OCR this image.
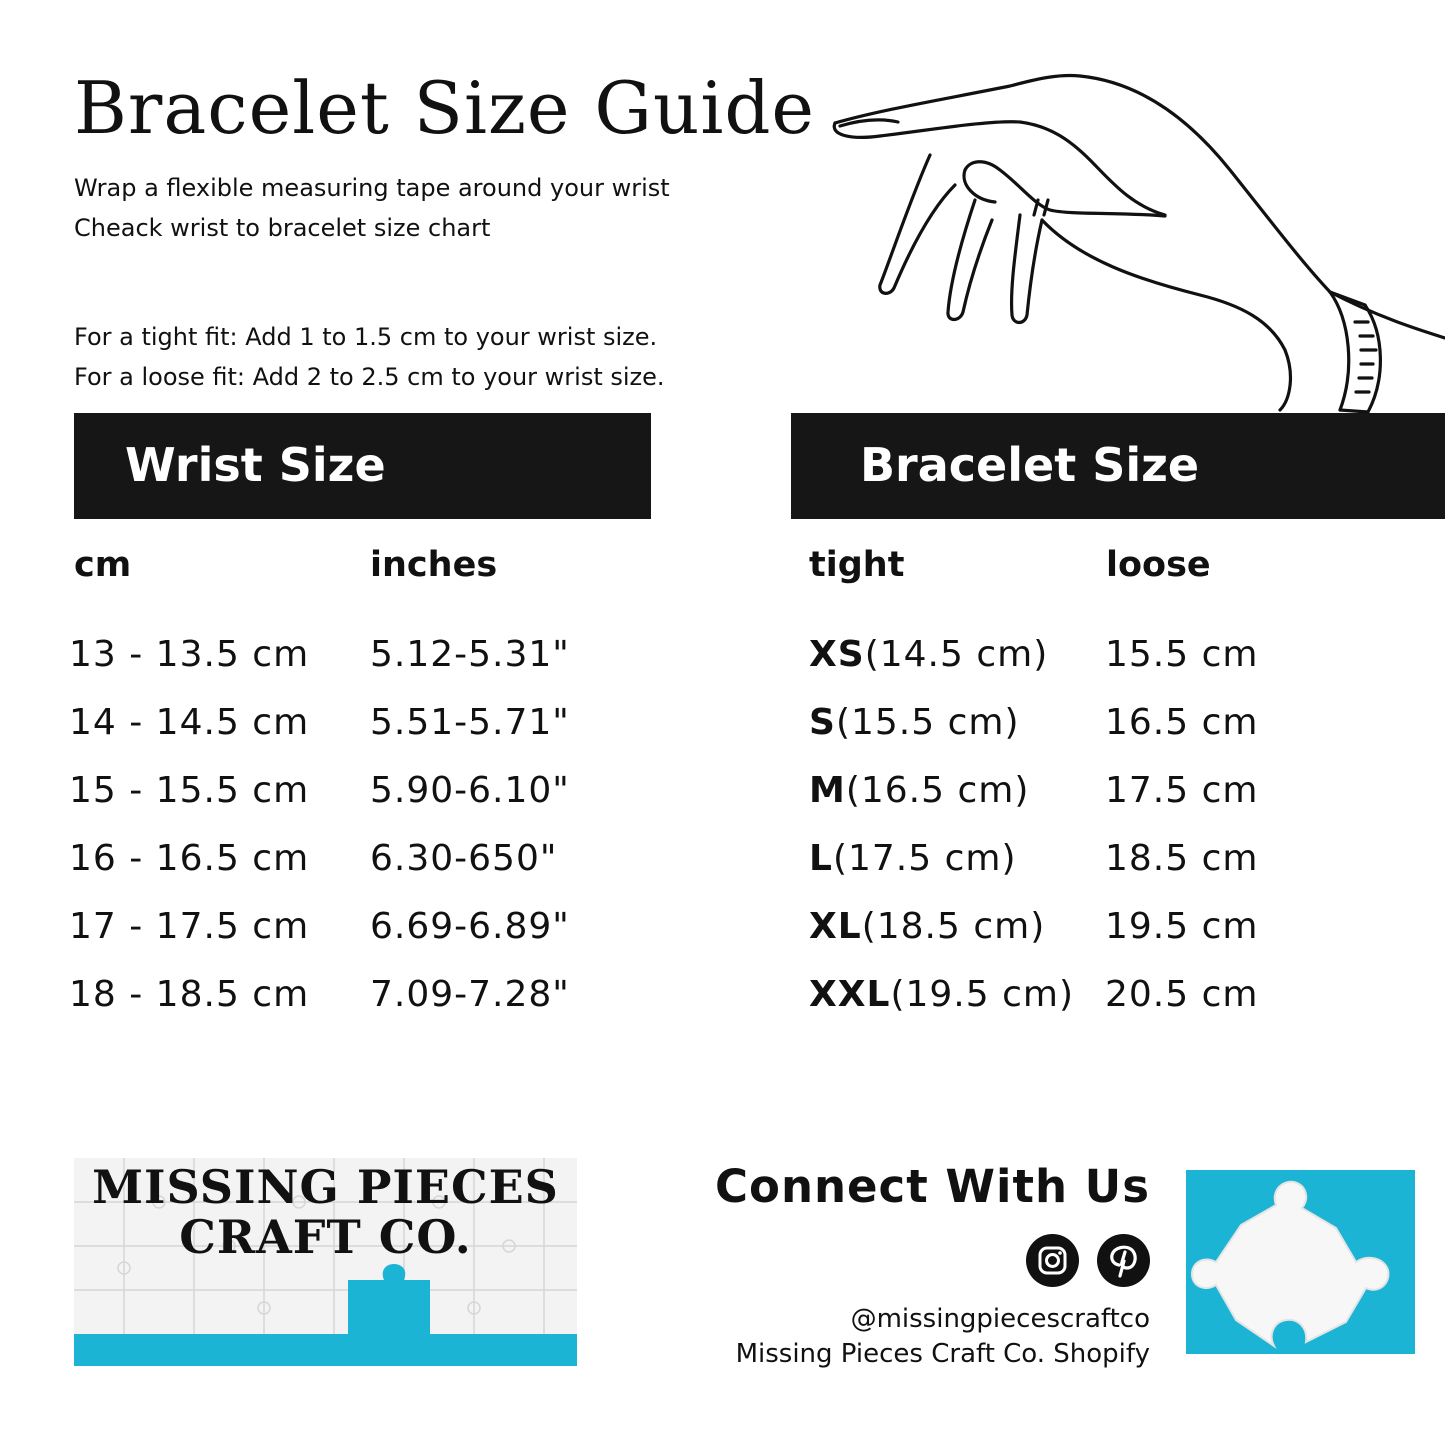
Bracelet Size Guide
Wrap a flexible measuring tape around your wrist
Cheack wrist to bracelet size chart
For a tight fit: Add 1 to 1.5 cm to your wrist size.
For a loose fit: Add 2 to 2.5 cm to your wrist size.
Wrist Size
cm	inches
13 - 13.5 cm
14 - 14.5 cm
15 - 15.5 cm
16 - 16.5 cm
17 - 17.5 cm
18 - 18.5 cm
5.12-5.31"
5.51-5.71"
5.90-6.10"
6.30-650"
6.69-6.89"
7.09-7.28"
Bracelet Size
tight	loose
XS (14.5 cm)
S (15.5 cm)
M (16.5 cm)
L (17.5 cm)
XL (18.5 cm)
XXL (19.5 cm)
15.5 cm
16.5 cm
17.5 cm
18.5 cm
19.5 cm
20.5 cm
MISSING PIECES
CRAFT CO.
Connect With Us
@missingpiecescraftco
Missing Pieces Craft Co. Shopify
